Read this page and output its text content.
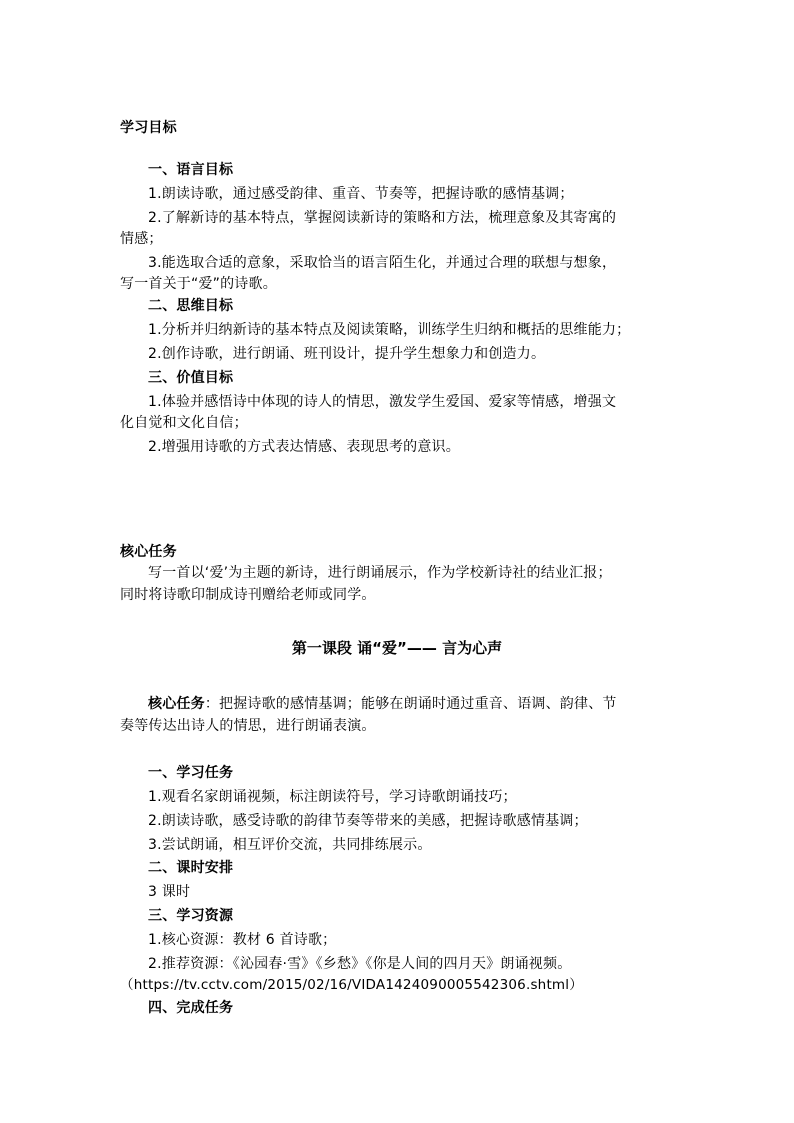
学习目标
一、语言目标
1.朗读诗歌，通过感受韵律、重音、节奏等，把握诗歌的感情基调；
2.了解新诗的基本特点，掌握阅读新诗的策略和方法，梳理意象及其寄寓的
情感；
3.能选取合适的意象，采取恰当的语言陌生化，并通过合理的联想与想象，
写一首关于“爱”的诗歌。
二、思维目标
1.分析并归纳新诗的基本特点及阅读策略，训练学生归纳和概括的思维能力；
2.创作诗歌，进行朗诵、班刊设计，提升学生想象力和创造力。
三、价值目标
1.体验并感悟诗中体现的诗人的情思，激发学生爱国、爱家等情感，增强文
化自觉和文化自信；
2.增强用诗歌的方式表达情感、表现思考的意识。
核心任务
写一首以‘爱’为主题的新诗，进行朗诵展示，作为学校新诗社的结业汇报；
同时将诗歌印制成诗刊赠给老师或同学。
第一课段 诵“爱”—— 言为心声
核心任务：把握诗歌的感情基调；能够在朗诵时通过重音、语调、韵律、节
奏等传达出诗人的情思，进行朗诵表演。
一、学习任务
1.观看名家朗诵视频，标注朗读符号，学习诗歌朗诵技巧；
2.朗读诗歌，感受诗歌的韵律节奏等带来的美感，把握诗歌感情基调；
3.尝试朗诵，相互评价交流，共同排练展示。
二、课时安排
3 课时
三、学习资源
1.核心资源：教材 6 首诗歌；
2.推荐资源：《沁园春·雪》《乡愁》《你是人间的四月天》朗诵视频。
（https://tv.cctv.com/2015/02/16/VIDA1424090005542306.shtml）
四、完成任务
